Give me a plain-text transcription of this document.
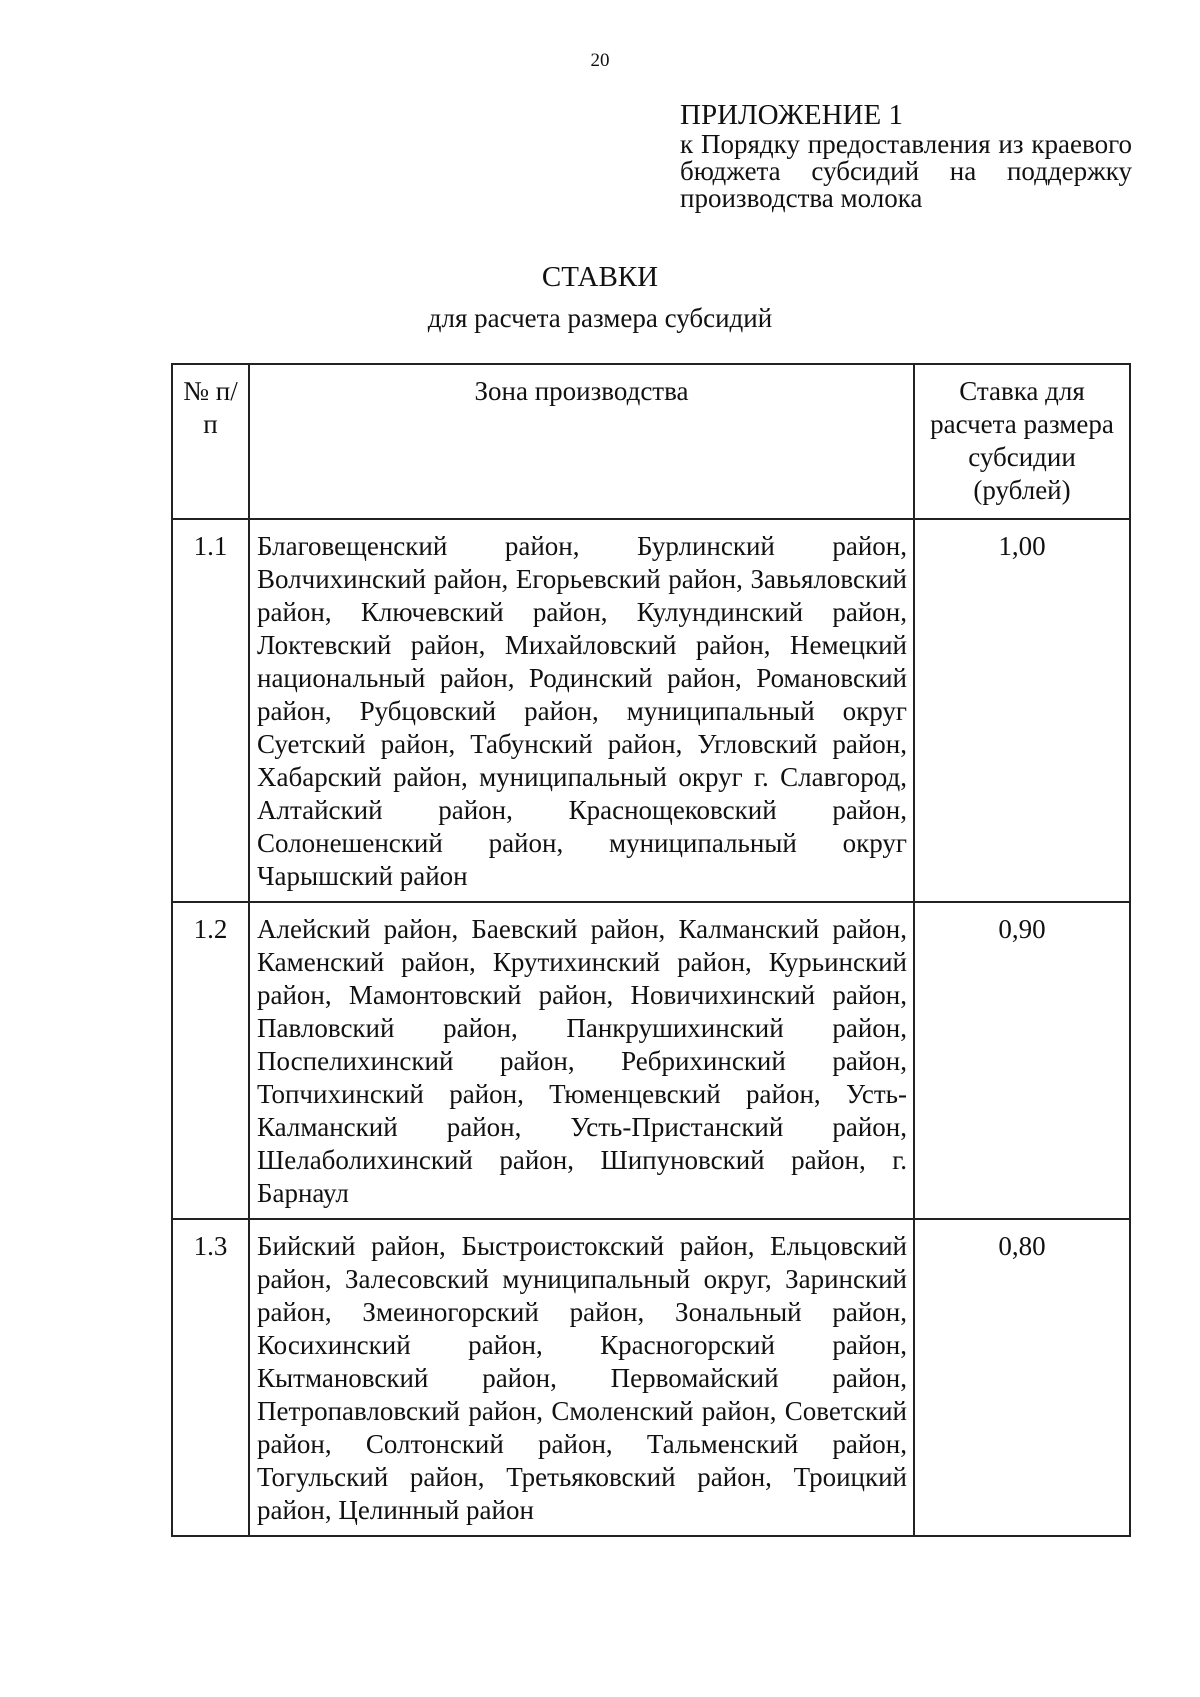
20
ПРИЛОЖЕНИЕ 1
к Порядку предоставления из краевого бюджета субсидий на поддержку производства молока
СТАВКИ
для расчета размера субсидий
№ п/п	Зона производства	Ставка для расчета размера субсидии (рублей)
1.1	Благовещенский район, Бурлинский район, Волчихинский район, Егорьевский район, Завьяловский район, Ключевский район, Кулундинский район, Локтевский район, Михайловский район, Немецкий национальный район, Родинский район, Романовский район, Рубцовский район, муниципальный округ Суетский район, Табунский район, Угловский район, Хабарский район, муниципальный округ г. Славгород, Алтайский район, Краснощековский район, Солонешенский район, муниципальный округ Чарышский район	1,00
1.2	Алейский район, Баевский район, Калманский район, Каменский район, Крутихинский район, Курьинский район, Мамонтовский район, Новичихинский район, Павловский район, Панкрушихинский район, Поспелихинский район, Ребрихинский район, Топчихинский район, Тюменцевский район, Усть-Калманский район, Усть-Пристанский район, Шелаболихинский район, Шипуновский район, г. Барнаул	0,90
1.3	Бийский район, Быстроистокский район, Ельцовский район, Залесовский муниципальный округ, Заринский район, Змеиногорский район, Зональный район, Косихинский район, Красногорский район, Кытмановский район, Первомайский район, Петропавловский район, Смоленский район, Советский район, Солтонский район, Тальменский район, Тогульский район, Третьяковский район, Троицкий район, Целинный район	0,80
